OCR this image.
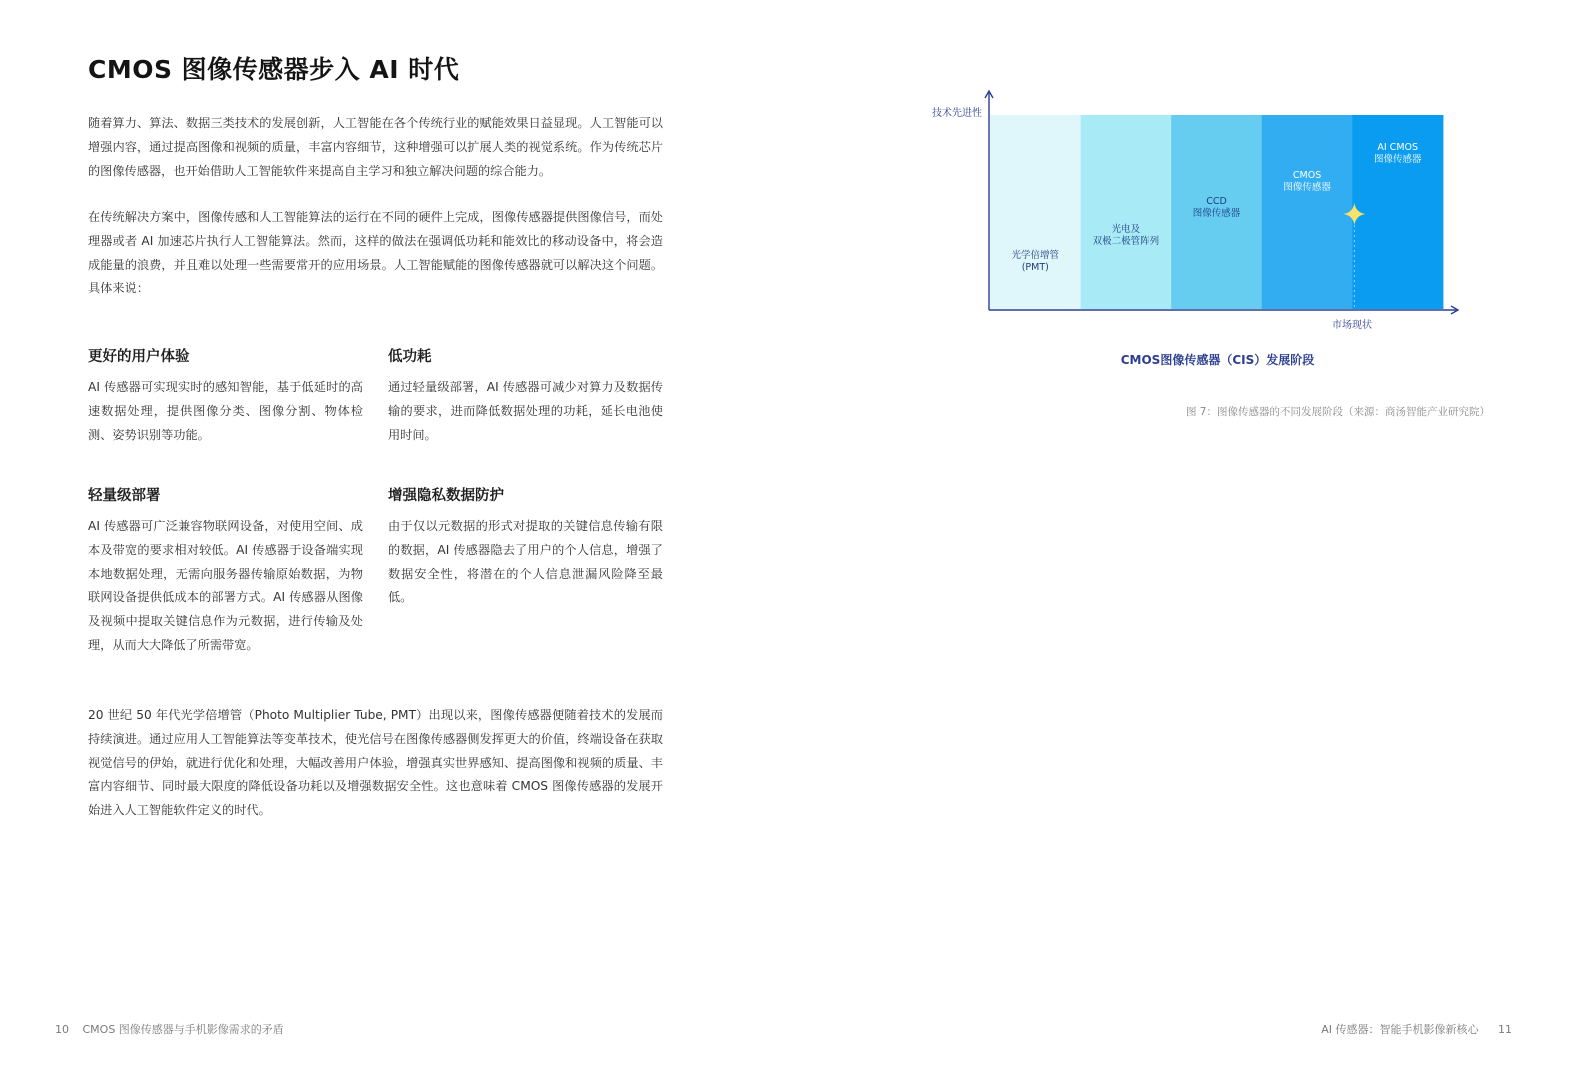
CMOS 图像传感器步入 AI 时代

随着算力、算法、数据三类技术的发展创新，人工智能在各个传统行业的赋能效果日益显现。人工智能可以增强内容，通过提高图像和视频的质量，丰富内容细节，这种增强可以扩展人类的视觉系统。作为传统芯片的图像传感器，也开始借助人工智能软件来提高自主学习和独立解决问题的综合能力。

在传统解决方案中，图像传感和人工智能算法的运行在不同的硬件上完成，图像传感器提供图像信号，而处理器或者 AI 加速芯片执行人工智能算法。然而，这样的做法在强调低功耗和能效比的移动设备中，将会造成能量的浪费，并且难以处理一些需要常开的应用场景。人工智能赋能的图像传感器就可以解决这个问题。具体来说：

更好的用户体验

AI 传感器可实现实时的感知智能，基于低延时的高速数据处理，提供图像分类、图像分割、物体检测、姿势识别等功能。

低功耗

通过轻量级部署，AI 传感器可减少对算力及数据传输的要求，进而降低数据处理的功耗，延长电池使用时间。

轻量级部署

AI 传感器可广泛兼容物联网设备，对使用空间、成本及带宽的要求相对较低。AI 传感器于设备端实现本地数据处理，无需向服务器传输原始数据，为物联网设备提供低成本的部署方式。AI 传感器从图像及视频中提取关键信息作为元数据，进行传输及处理，从而大大降低了所需带宽。

增强隐私数据防护

由于仅以元数据的形式对提取的关键信息传输有限的数据，AI 传感器隐去了用户的个人信息，增强了数据安全性，将潜在的个人信息泄漏风险降至最低。

20 世纪 50 年代光学倍增管（Photo Multiplier Tube, PMT）出现以来，图像传感器便随着技术的发展而持续演进。通过应用人工智能算法等变革技术，使光信号在图像传感器侧发挥更大的价值，终端设备在获取视觉信号的伊始，就进行优化和处理，大幅改善用户体验，增强真实世界感知、提高图像和视频的质量、丰富内容细节、同时最大限度的降低设备功耗以及增强数据安全性。这也意味着 CMOS 图像传感器的发展开始进入人工智能软件定义的时代。

光学倍增管(PMT)
光电及双极二极管阵列
CCD 图像传感器
CMOS 图像传感器
AI CMOS 图像传感器
技术先进性
市场现状
CMOS图像传感器（CIS）发展阶段
图 7：图像传感器的不同发展阶段（来源：商汤智能产业研究院）
10 CMOS 图像传感器与手机影像需求的矛盾	AI 传感器：智能手机影像新核心 11
